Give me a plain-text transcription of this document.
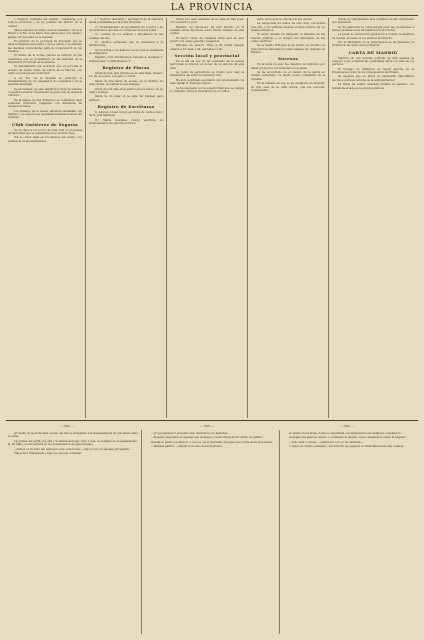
LA PROVINCIA

y después cultivada las buenas costumbres por toda la provincia y en los pueblos del distrito de la capital.

Varios vapores de Cádiz, unos a Canarias y otros al Brasil y al Río de la Plata, han salido ayer con carga y pasaje, sin novedad en la travesía.

El gobierno de la provincia ha dispuesto que se haga la limpieza del puerto y de los caños, y se adopten las medidas convenientes para la conservación de los muelles.

El Diario de la noche publica la relación de las cuestiones que se presentaron en las sesiones de la Diputación provincial en la semana.

El Ayuntamiento ha acordado que se proceda al arreglo de varias calles del barrio de la Merced, con cargo al presupuesto municipal.

A los Srs. de la Alcaldía se participa el nombramiento de los empleados de consumos y de la guardia municipal.

Se ha recibido en esta capital la noticia de haberse concedido al señor Gobernador la gran cruz de Isabel la Católica.

En la iglesia de San Francisco se celebraron ayer solemnes funciones religiosas con asistencia de numerosos fieles.

Los trabajos de la nueva carretera adelantan con rapidez, y se espera que quedarán terminados antes del invierno.

Club Gutiérrez de Segovia

Se ha dado a los socios de este club el programa de las fiestas que se celebrarán en el próximo mes.

Día 4.—Gran baile en los salones del casino, con asistencia de las autoridades.

1.º Lectura, discusión y aprobación de la memoria anual presentada por la Junta directiva.

2.º Nombramiento de la comisión de cuentas y de los individuos que han de componer la nueva Junta.

3.º Lectura de los estados y aprobación de las cuentas del año.

4.º Asuntos generales que se presenten a la deliberación.

Se recuerda a los señores socios que la asistencia es obligatoria.

Registro civil: Nacimientos: varones 4, hembras 3. Defunciones: 5. Matrimonios: 2.

Registro de Fincas

Venta de una casa situada en la calle Real, número 12, de dos pisos, con patio y corral.

Venta de una tierra de secano en el término de esta ciudad, de cabida de seis fanegas.

Venta de una viña en el partido de los Altos, con su casa y bodega.

Venta de un solar en la calle del Carmen para edificar.

Registro de Escrituras

D. Antonio López otorgó escritura de venta a favor de D. José Martínez.

D.ª María González otorgó escritura de arrendamiento de una finca rústica.

mitad una casa señalada en la calle de San Juan, con su huerto y pozo.

Registro de hipotecas: Se han inscrito en la semana varias hipotecas sobre fincas urbanas de esta capital.

El vapor correo de Canarias entró ayer en este puerto con carga general y pasajeros.

Mercado de granos: Trigo a 48 reales fanega; cebada a 22; maíz a 30; garbanzos a 90.

Sección local y provincial

En el día de hoy se ha celebrado en la iglesia parroquial la función en honor de la patrona de esta villa.

La Junta de agricultura se reunió ayer bajo la presidencia del señor Gobernador civil.

Ha sido nombrado secretario del Ayuntamiento de esta capital D. Francisco Pérez.

Se ha dispuesto por la superioridad que se cumpla lo ordenado sobre la vacunación de los niños.

tanto nuevo que le ofrecía con sus gustos.

La temporada de baños ha sido muy concurrida este año, y los bañistas elogian el buen servicio de los establecimientos.

El señor Alcalde ha dispuesto la limpieza de las fuentes públicas y el arreglo del alumbrado en las calles céntricas.

En el Teatro Principal se ha puesto en escena con gran éxito la zarzuela que tanto aplauso ha obtenido en Madrid.

Sucesos

En la tarde de ayer fue detenido un individuo por haber promovido un escándalo en la plaza.

Se ha encontrado en el camino de la sierra un caballo extraviado; su dueño puede reclamarlo en la Alcaldía.

En la mañana de hoy se ha declarado un incendio en una casa de la calle Ancha, que fue sofocado prontamente.

obliga al cumplimiento mas completo de las condiciones que presenten.

Se ha publicado la convocatoria para las oposiciones a plazas vacantes en la Administración provincial.

La Junta de Instrucción pública ha acordado la apertura de nuevas escuelas en los pueblos del distrito.

Por el Ministerio de la Gobernación se ha dispuesto la formación del censo de la población.

CARTA DE MADRID

Madrid, 14. Las noticias políticas de esta semana se reducen a las conferencias celebradas entre los jefes de los partidos.

El Consejo de Ministros se reunió anoche en la Presidencia y trató de los presupuestos del Estado.

Se asegura que en breve se publicarán importantes decretos sobre la reforma de la Administración.

La Bolsa ha estado animada durante la semana, con tendencia al alza en los fondos públicos.

— 302 —	— 303 —	— 304 —

en medio de la noche más oscura, así vino a entregarse a la desesperación en que había caído su alma.

La pureza del perfil que ella y la misma del lago, todo a una, se le fijaba en el pensamiento; él, en tanto, se encontraba en la contemplación de aquel paisaje.

—Nunca os he visto tan hermosa como esta noche, —dijo él con voz apenas perceptible.

Ella sonrió tristemente y bajó los ojos sin contestar.

—¿Y qué haremos? preguntó ella, mirándole con ansiedad.

—Esperar, respondió él; esperar que el tiempo y la Providencia nos abran un camino.

Quedaron ambos en silencio, y solo se oía el murmullo del agua que corría entre las piedras.

—Mañana partiré, —añadió él al cabo de un momento.

el camino de la aldea, donde le esperaban con impaciencia sus antiguos compañeros.

Al llegar a la plaza se detuvo y contempló la iglesia, cuyas campanas tocaban al Ángelus.

—Todo está lo mismo, —murmuró; solo yo he cambiado.

Y siguió su camino pensativo, sin advertir que alguien le observaba desde una ventana.
